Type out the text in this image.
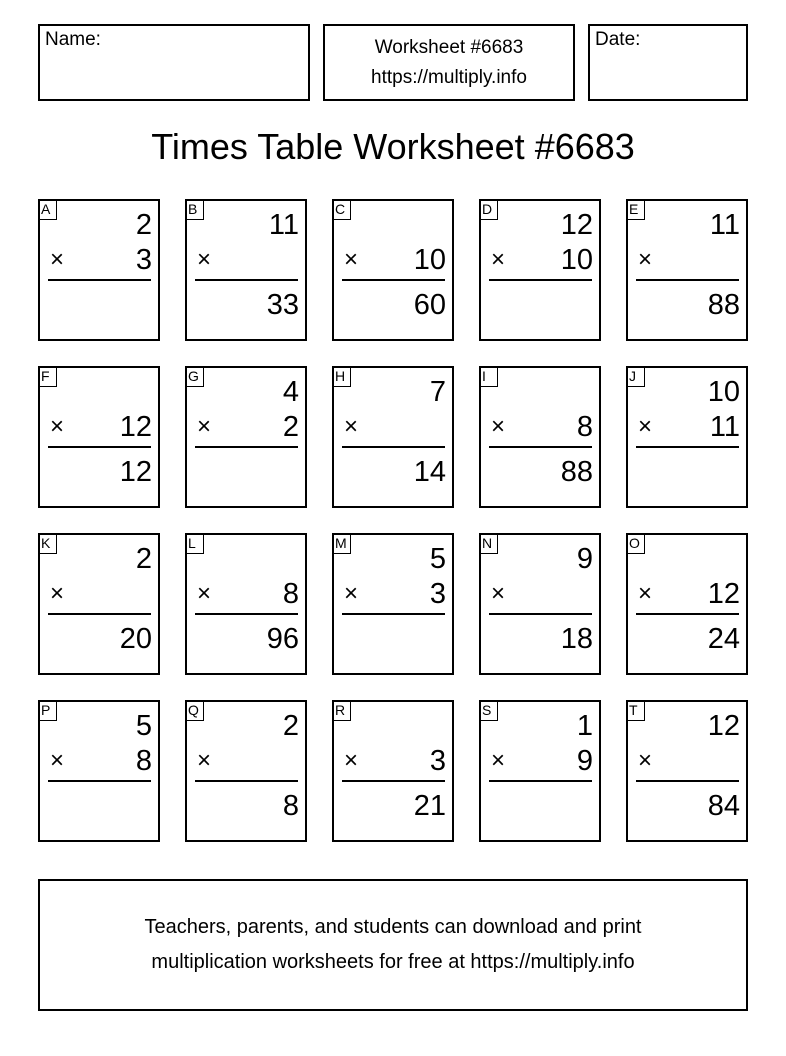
Name:	Worksheet #6683
https://multiply.info
Date:
Times Table Worksheet #6683
A	2
× 3
B 11
×
33
C
× 10
60
D 12
× 10
E 11
×
88
F
× 12
12
G	4
× 2
H	7
×
14
I
× 8
88
J	10
× 11
K	2
×
20
L
× 8
96
M	5
× 3
N	9
×
18
O
× 12
24
P	5
× 8
Q	2
×
8
R
× 3
21
S	1
× 9
T 12
×
84
Teachers, parents, and students can download and print
multiplication worksheets for free at https://multiply.info
